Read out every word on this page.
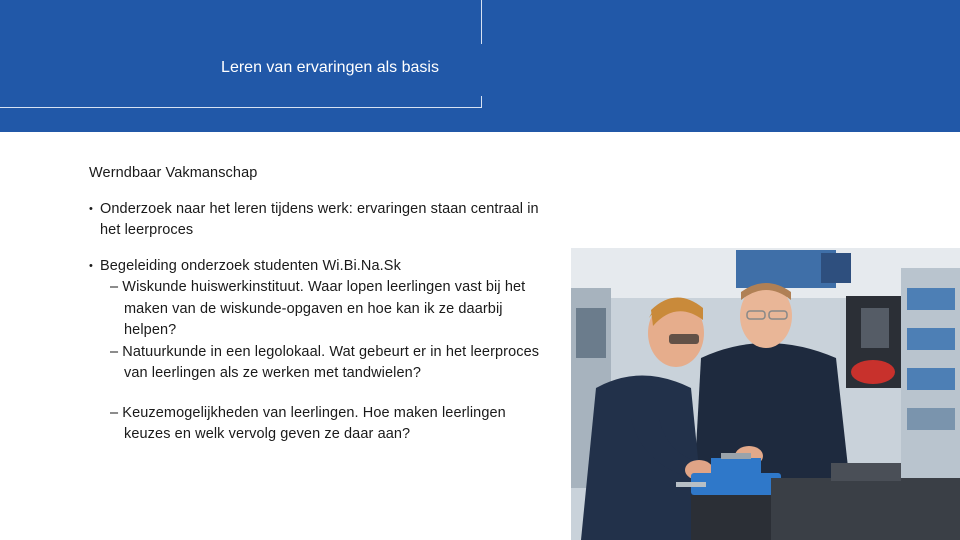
Leren van ervaringen als basis
Werndbaar Vakmanschap
• Onderzoek naar het leren tijdens werk: ervaringen staan centraal in het leerproces
• Begeleiding onderzoek studenten Wi.Bi.Na.Sk
– Wiskunde huiswerkinstituut. Waar lopen leerlingen vast bij het maken van de wiskunde-opgaven en hoe kan ik ze daarbij helpen?
– Natuurkunde in een legolokaal. Wat gebeurt er in het leerproces van leerlingen als ze werken met tandwielen?
– Keuzemogelijkheden van leerlingen. Hoe maken leerlingen keuzes en welk vervolg geven ze daar aan?
